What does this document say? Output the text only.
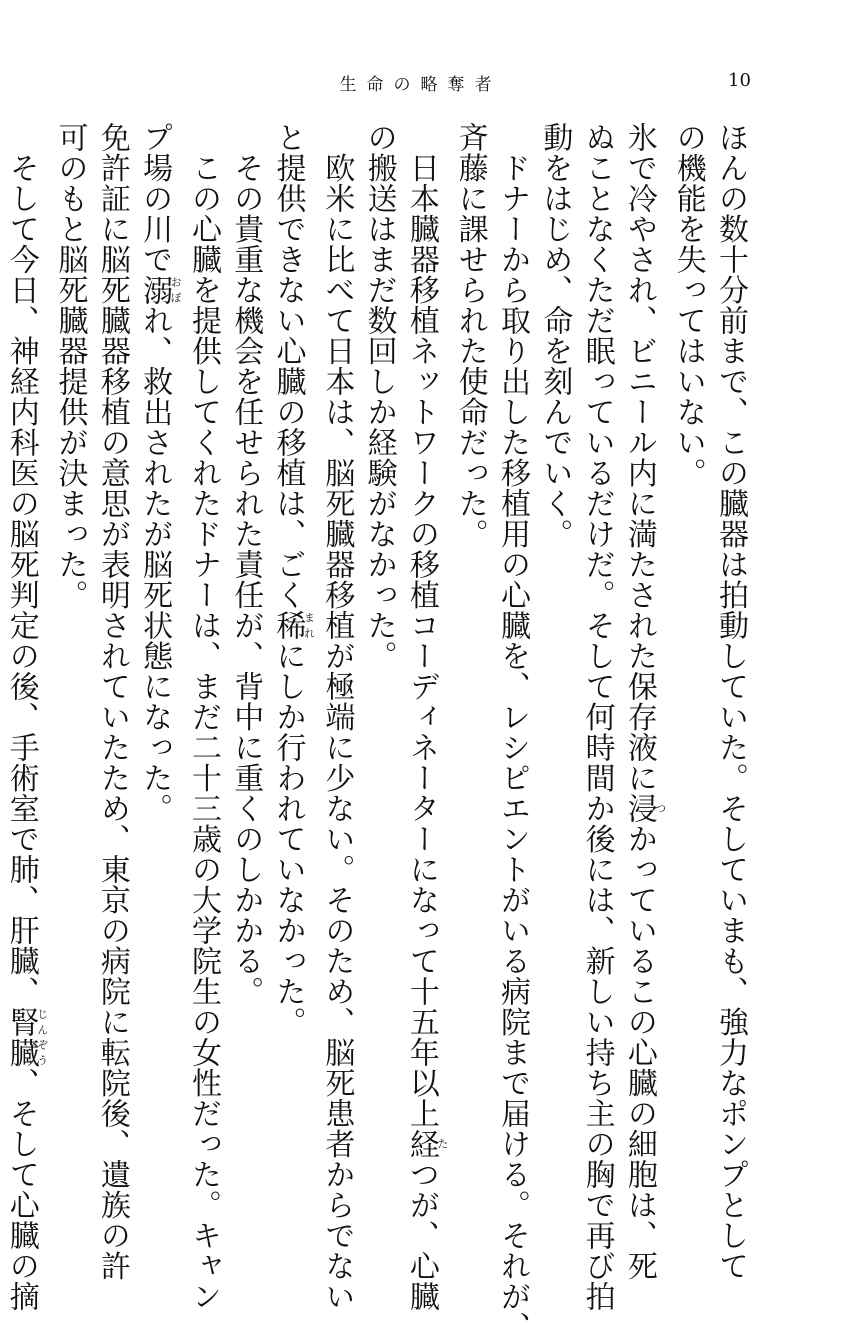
生命の略奪者	10
ほんの数十分前まで、この臓器は拍動していた。そしていまも、強力なポンプとして
の機能を失ってはいない。
氷で冷やされ、ビニール内に満たされた保存液に浸つかっているこの心臓の細胞は、死
ぬことなくただ眠っているだけだ。そして何時間か後には、新しい持ち主の胸で再び拍
動をはじめ、命を刻んでいく。
　ドナーから取り出した移植用の心臓を、レシピエントがいる病院まで届ける。それが、
斉藤に課せられた使命だった。
　日本臓器移植ネットワークの移植コーディネーターになって十五年以上経たつが、心臓
の搬送はまだ数回しか経験がなかった。
　欧米に比べて日本は、脳死臓器移植が極端に少ない。そのため、脳死患者からでない
と提供できない心臓の移植は、ごく稀まれにしか行われていなかった。
　その貴重な機会を任せられた責任が、背中に重くのしかかる。
　この心臓を提供してくれたドナーは、まだ二十三歳の大学院生の女性だった。キャン
プ場の川で溺おぼれ、救出されたが脳死状態になった。
免許証に脳死臓器移植の意思が表明されていたため、東京の病院に転院後、遺族の許
可のもと脳死臓器提供が決まった。
　そして今日、神経内科医の脳死判定の後、手術室で肺、肝臓、腎臓じんぞう、そして心臓の摘
